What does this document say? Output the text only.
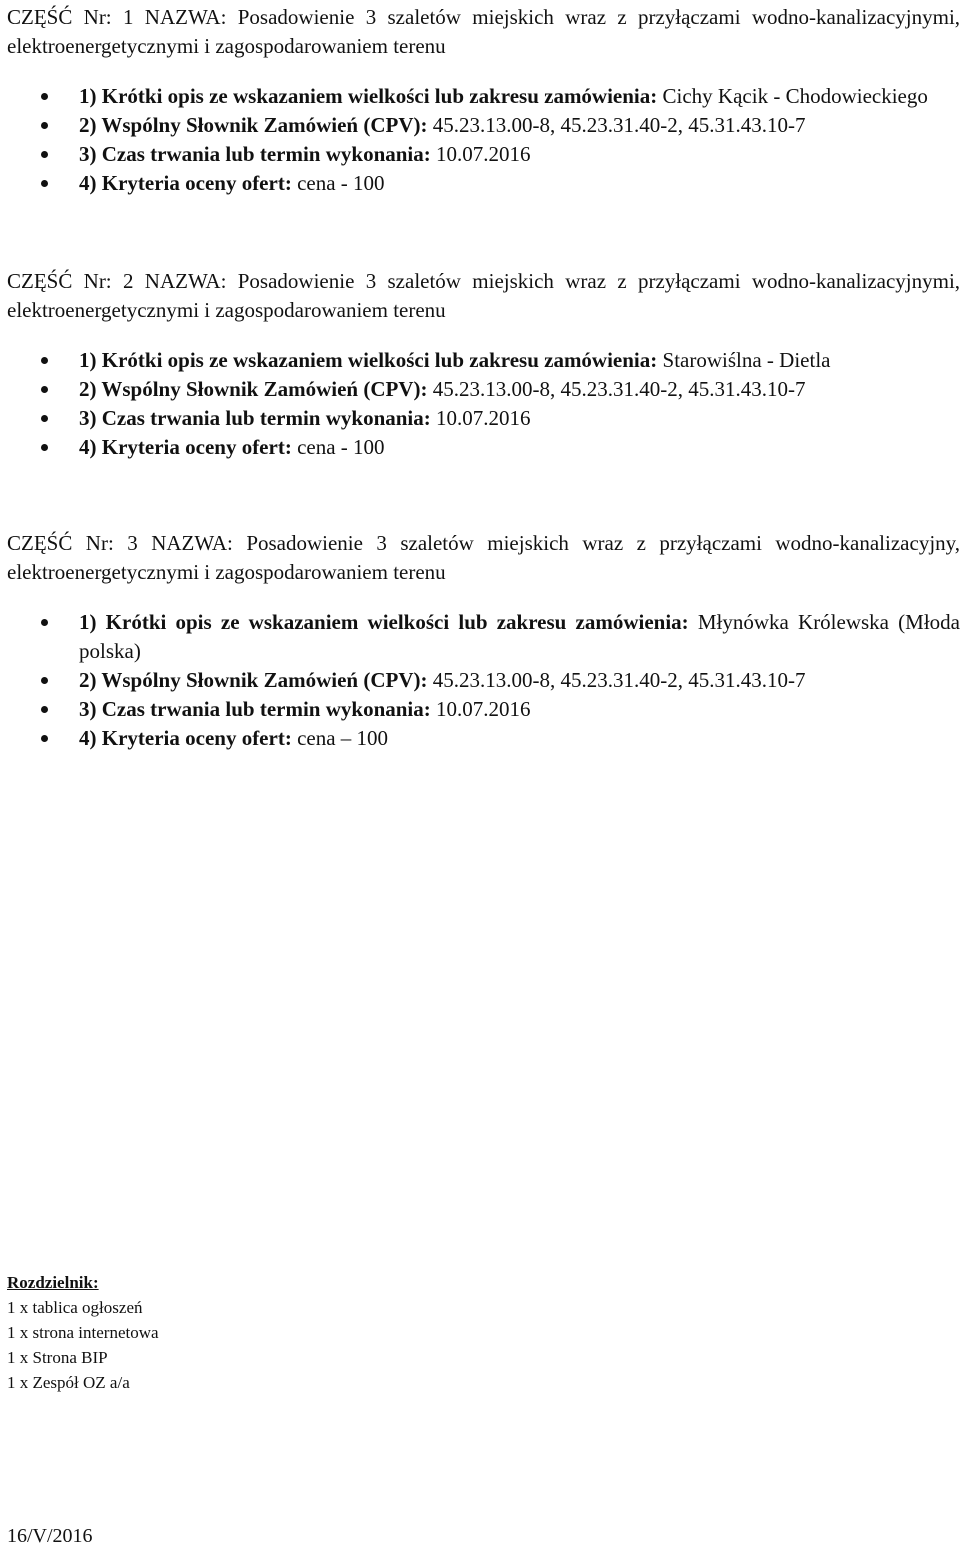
CZĘŚĆ Nr: 1 NAZWA: Posadowienie 3 szaletów miejskich wraz z przyłączami wodno-kanalizacyjnymi, elektroenergetycznymi i zagospodarowaniem terenu

1) Krótki opis ze wskazaniem wielkości lub zakresu zamówienia: Cichy Kącik - Chodowieckiego
2) Wspólny Słownik Zamówień (CPV): 45.23.13.00-8, 45.23.31.40-2, 45.31.43.10-7
3) Czas trwania lub termin wykonania: 10.07.2016
4) Kryteria oceny ofert: cena - 100

CZĘŚĆ Nr: 2 NAZWA: Posadowienie 3 szaletów miejskich wraz z przyłączami wodno-kanalizacyjnymi, elektroenergetycznymi i zagospodarowaniem terenu

1) Krótki opis ze wskazaniem wielkości lub zakresu zamówienia: Starowiślna - Dietla
2) Wspólny Słownik Zamówień (CPV): 45.23.13.00-8, 45.23.31.40-2, 45.31.43.10-7
3) Czas trwania lub termin wykonania: 10.07.2016
4) Kryteria oceny ofert: cena - 100

CZĘŚĆ Nr: 3 NAZWA: Posadowienie 3 szaletów miejskich wraz z przyłączami wodno-kanalizacyjny, elektroenergetycznymi i zagospodarowaniem terenu

1) Krótki opis ze wskazaniem wielkości lub zakresu zamówienia: Młynówka Królewska (Młoda polska)
2) Wspólny Słownik Zamówień (CPV): 45.23.13.00-8, 45.23.31.40-2, 45.31.43.10-7
3) Czas trwania lub termin wykonania: 10.07.2016
4) Kryteria oceny ofert: cena – 100
Rozdzielnik:
1 x tablica ogłoszeń
1 x strona internetowa
1 x Strona BIP
1 x Zespół OZ a/a
16/V/2016
